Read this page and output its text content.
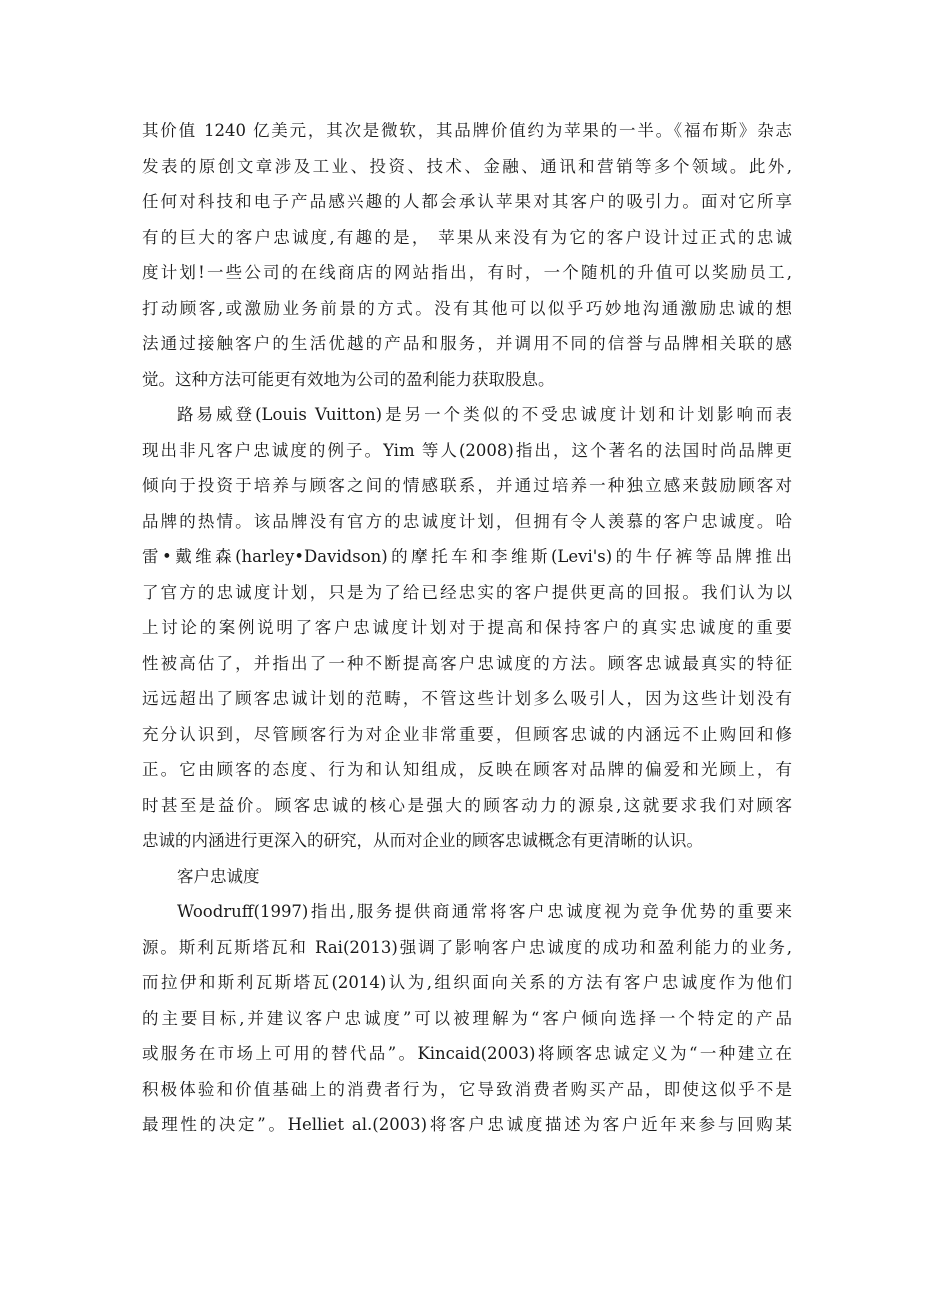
其价值 1240 亿美元，其次是微软，其品牌价值约为苹果的一半。《福布斯》杂志
发表的原创文章涉及工业、投资、技术、金融、通讯和营销等多个领域。此外,
任何对科技和电子产品感兴趣的人都会承认苹果对其客户的吸引力。面对它所享
有的巨大的客户忠诚度,有趣的是， 苹果从来没有为它的客户设计过正式的忠诚
度计划!一些公司的在线商店的网站指出，有时，一个随机的升值可以奖励员工,
打动顾客,或激励业务前景的方式。没有其他可以似乎巧妙地沟通激励忠诚的想
法通过接触客户的生活优越的产品和服务，并调用不同的信誉与品牌相关联的感
觉。这种方法可能更有效地为公司的盈利能力获取股息。
路易威登(Louis Vuitton)是另一个类似的不受忠诚度计划和计划影响而表
现出非凡客户忠诚度的例子。Yim 等人(2008)指出，这个著名的法国时尚品牌更
倾向于投资于培养与顾客之间的情感联系，并通过培养一种独立感来鼓励顾客对
品牌的热情。该品牌没有官方的忠诚度计划，但拥有令人羡慕的客户忠诚度。哈
雷•戴维森(harley•Davidson)的摩托车和李维斯(Levi's)的牛仔裤等品牌推出
了官方的忠诚度计划，只是为了给已经忠实的客户提供更高的回报。我们认为以
上讨论的案例说明了客户忠诚度计划对于提高和保持客户的真实忠诚度的重要
性被高估了，并指出了一种不断提高客户忠诚度的方法。顾客忠诚最真实的特征
远远超出了顾客忠诚计划的范畴，不管这些计划多么吸引人，因为这些计划没有
充分认识到，尽管顾客行为对企业非常重要，但顾客忠诚的内涵远不止购回和修
正。它由顾客的态度、行为和认知组成，反映在顾客对品牌的偏爱和光顾上，有
时甚至是益价。顾客忠诚的核心是强大的顾客动力的源泉,这就要求我们对顾客
忠诚的内涵进行更深入的研究，从而对企业的顾客忠诚概念有更清晰的认识。
客户忠诚度
Woodruff(1997)指出,服务提供商通常将客户忠诚度视为竞争优势的重要来
源。斯利瓦斯塔瓦和 Rai(2013)强调了影响客户忠诚度的成功和盈利能力的业务,
而拉伊和斯利瓦斯塔瓦(2014)认为,组织面向关系的方法有客户忠诚度作为他们
的主要目标,并建议客户忠诚度”可以被理解为“客户倾向选择一个特定的产品
或服务在市场上可用的替代品”。Kincaid(2003)将顾客忠诚定义为“一种建立在
积极体验和价值基础上的消费者行为，它导致消费者购买产品，即使这似乎不是
最理性的决定”。Helliet al.(2003)将客户忠诚度描述为客户近年来参与回购某
